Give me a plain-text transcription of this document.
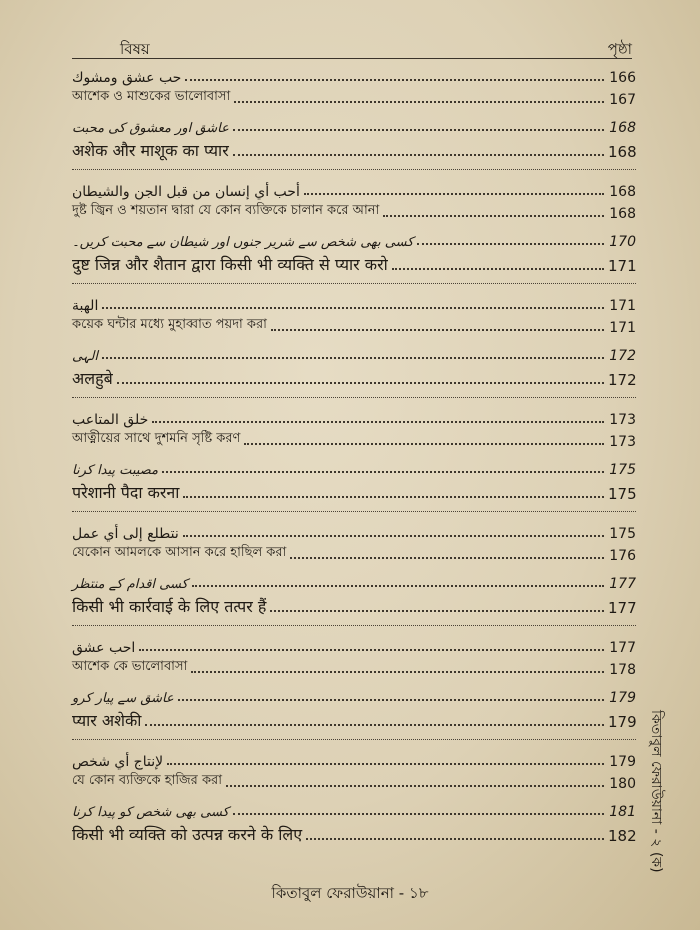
বিষয়	পৃষ্ঠা
حب عشق ومشوك	166
আশেক ও মাশুকের ভালোবাসা	167
عاشق اور معشوق کی محبت	168
अशेक और माशूक का प्यार	168
أحب أي إنسان من قبل الجن والشيطان	168
দুষ্ট জ্বিন ও শয়তান দ্বারা যে কোন ব্যক্তিকে চালান করে আনা	168
کسی بھی شخص سے شریر جنوں اور شیطان سے محبت کریں۔	170
दुष्ट जिन्न और शैतान द्वारा किसी भी व्यक्ति से प्यार करो	171
الهبة	171
কয়েক ঘন্টার মধ্যে মুহাব্বাত পয়দা করা	171
الہی	172
अलहुबे	172
خلق المتاعب	173
আত্নীয়ের সাথে দুশমনি সৃষ্টি করণ	173
مصیبت پیدا کرنا	175
परेशानी पैदा करना	175
نتطلع إلى أي عمل	175
যেকোন আমলকে আসান করে হাছিল করা	176
کسی اقدام کے منتظر	177
किसी भी कार्रवाई के लिए तत्पर हैं	177
احب عشق	177
আশেক কে ভালোবাসা	178
عاشق سے پیار کرو	179
प्यार अशेकी	179
لإنتاج أي شخص	179
যে কোন ব্যক্তিকে হাজির করা	180
کسی بھی شخص کو پیدا کرنا	181
किसी भी व्यक्ति को उत्पन्न करने के लिए	182
কিতাবুল ফেরাউয়ানা - ১৮
কিতাবুল ফেরাউয়ানা - ২ (ক)
